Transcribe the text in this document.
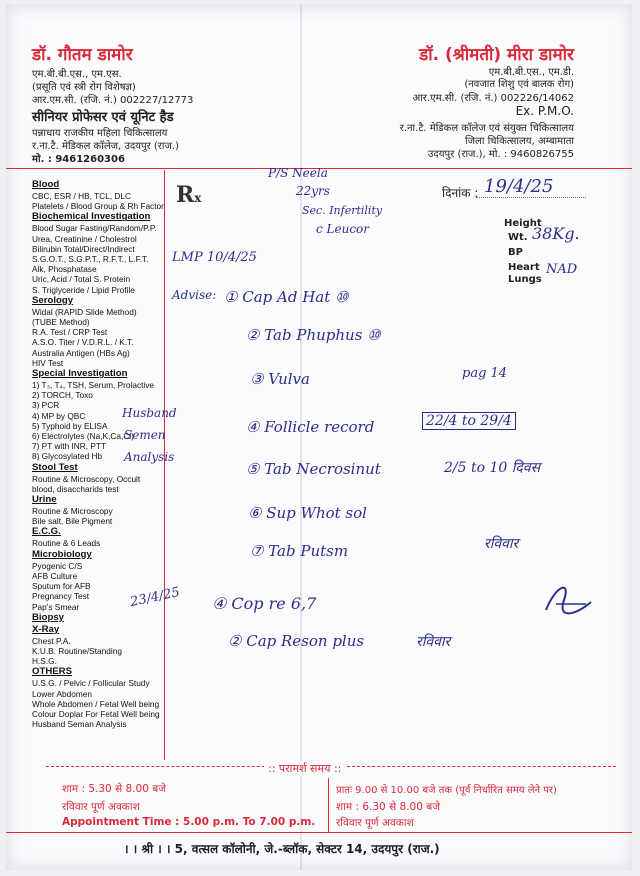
डॉ. गौतम डामोर
एम.बी.बी.एस., एम.एस.
(प्रसूति एवं स्त्री रोग विशेषज्ञ)
आर.एम.सी. (रजि. नं.) 002227/12773
सीनियर प्रोफेसर एवं यूनिट हैड
पन्नाधाय राजकीय महिला चिकित्सालय
र.ना.टै. मेडिकल कॉलेज, उदयपुर (राज.)
मो. : 9461260306
डॉ. (श्रीमती) मीरा डामोर
एम.बी.बी.एस., एम.डी.
(नवजात शिशु एवं बालक रोग)
आर.एम.सी. (रजि. नं.) 002226/14062
Ex. P.M.O.
र.ना.टै. मेडिकल कॉलेज एवं संयुक्त चिकित्सालय
जिला चिकित्सालय, अम्बामाता
उदयपुर (राज.), मो. : 9460826755
Blood
CBC, ESR / HB, TCL, DLC
Platelets / Blood Group & Rh Factor
Biochemical Investigation
Blood Sugar Fasting/Random/P.P.
Urea, Creatinine / Cholestrol
Bilirubin Total/Direct/Indirect
S.G.O.T., S.G.P.T., R.F.T., L.F.T.
Alk, Phosphatase
Uric, Acid / Total S. Protein
S. Triglyceride / Lipid Profile
Serology
Widal (RAPID Slide Method)
(TUBE Method)
R.A. Test / CRP Test
A.S.O. Titer / V.D.R.L. / K.T.
Australia Antigen (HBs Ag)
HIV Test
Special Investigation
1) T₃, T₄, TSH, Serum, Prolactive
2) TORCH, Toxo
3) PCR
4) MP by QBC
5) Typhoid by ELISA
6) Electrolytes (Na,K,Ca,Cl)
7) PT with INR, PTT
8) Glycosylated Hb
Stool Test
Routine & Microscopy, Occult
blood, disaccharids test
Urine
Routine & Microscopy
Bile salt, Bile Pigment
E.C.G.
Routine & 6 Leads
Microbiology
Pyogenic C/S
AFB Culture
Sputum for AFB
Pregnancy Test
Pap's Smear
Biopsy
X-Ray
Chest P.A.
K.U.B. Routine/Standing
H.S.G.
OTHERS
U.S.G. / Pelvic / Follicular Study
Lower Abdomen
Whole Abdomen / Fetal Well being
Colour Doplar For Fetal Well being
Husband Seman Analysis
Rx	दिनांक : 19/4/25
Height
Wt. 38Kg.
BP
Heart
Lungs
NAD
P/S Neela
22yrs
Sec. Infertility
c Leucor
LMP 10/4/25
Advise: ① Cap Ad Hat ⑩
② Tab Phuphus ⑩
③ Vulva	pag 14
④ Follicle record	22/4 to 29/4
⑤ Tab Necrosinut	2/5 to 10 दिवस
⑥ Sup Whot sol
⑦ Tab Putsm	रविवार
Husband
Semen
Analysis
23/4/25 ④ Cop re 6,7
② Cap Reson plus	रविवार
:: परामर्श समय ::
शाम : 5.30 से 8.00 बजे
रविवार पूर्ण अवकाश
Appointment Time : 5.00 p.m. To 7.00 p.m.
प्रातः 9.00 से 10.00 बजे तक (पूर्व निर्धारित समय लेने पर)
शाम : 6.30 से 8.00 बजे
रविवार पूर्ण अवकाश
। । श्री । । 5, वत्सल कॉलोनी, जे.-ब्लॉक, सेक्टर 14, उदयपुर (राज.)
